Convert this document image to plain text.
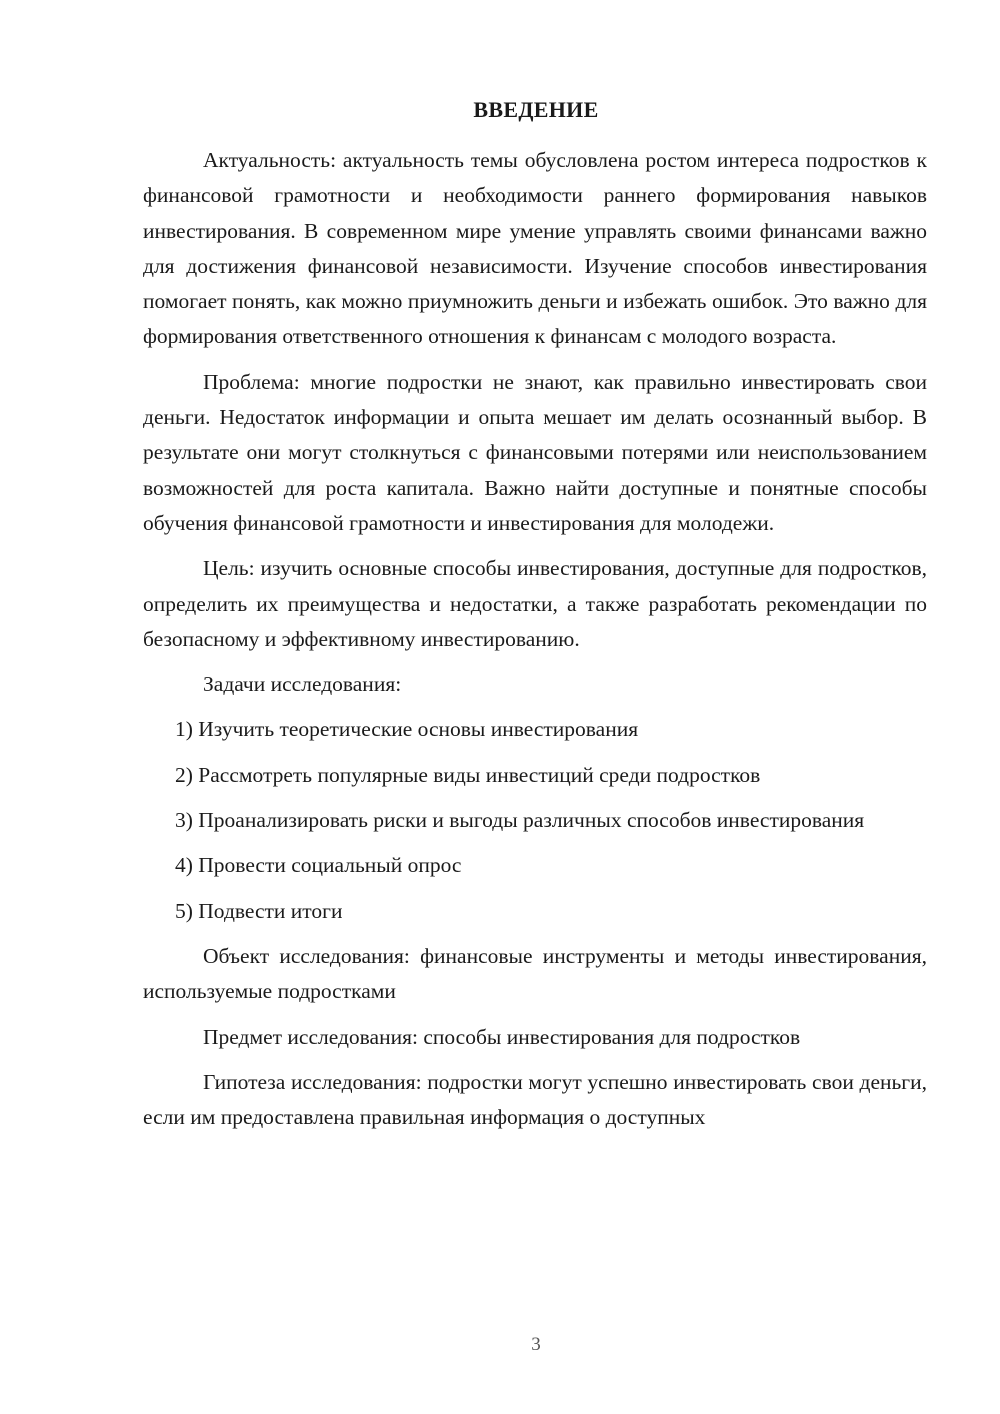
ВВЕДЕНИЕ

Актуальность: актуальность темы обусловлена ростом интереса подростков к финансовой грамотности и необходимости раннего формирования навыков инвестирования. В современном мире умение управлять своими финансами важно для достижения финансовой независимости. Изучение способов инвестирования помогает понять, как можно приумножить деньги и избежать ошибок. Это важно для формирования ответственного отношения к финансам с молодого возраста.

Проблема: многие подростки не знают, как правильно инвестировать свои деньги. Недостаток информации и опыта мешает им делать осознанный выбор. В результате они могут столкнуться с финансовыми потерями или неиспользованием возможностей для роста капитала. Важно найти доступные и понятные способы обучения финансовой грамотности и инвестирования для молодежи.

Цель: изучить основные способы инвестирования, доступные для подростков, определить их преимущества и недостатки, а также разработать рекомендации по безопасному и эффективному инвестированию.

Задачи исследования:

1) Изучить теоретические основы инвестирования

2) Рассмотреть популярные виды инвестиций среди подростков

3) Проанализировать риски и выгоды различных способов инвестирования

4) Провести социальный опрос

5) Подвести итоги

Объект исследования: финансовые инструменты и методы инвестирования, используемые подростками

Предмет исследования: способы инвестирования для подростков

Гипотеза исследования: подростки могут успешно инвестировать свои деньги, если им предоставлена правильная информация о доступных

3
